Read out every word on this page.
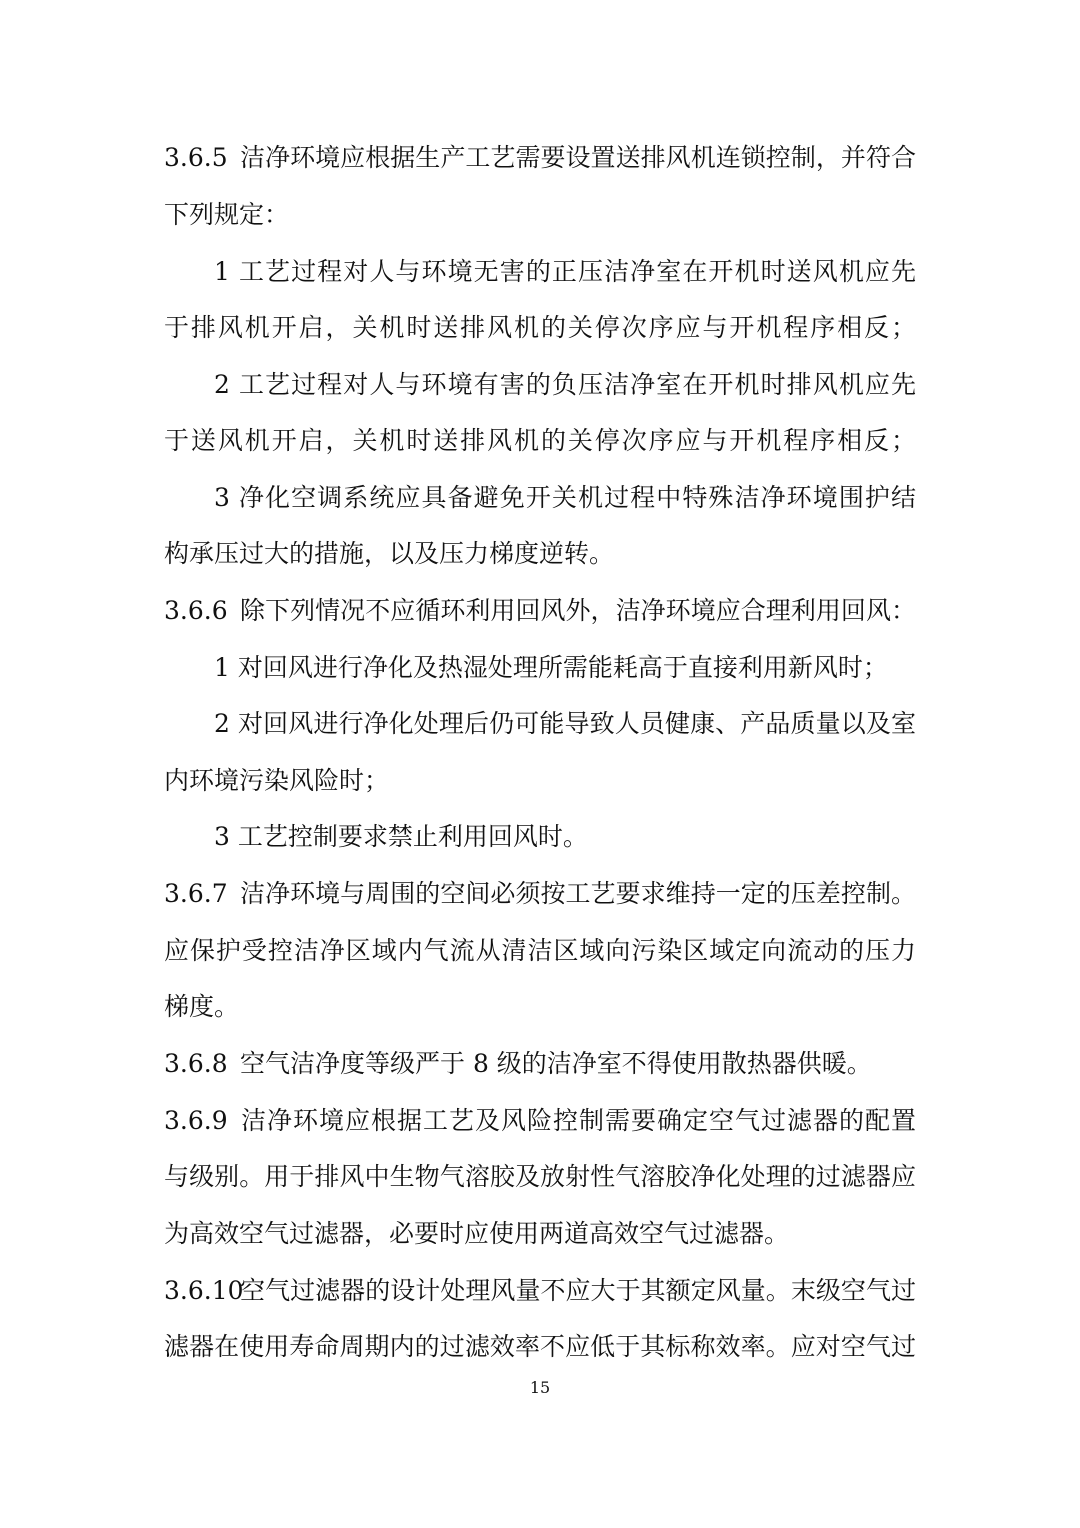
3.6.5 洁净环境应根据生产工艺需要设置送排风机连锁控制，并符合
下列规定：
1 工艺过程对人与环境无害的正压洁净室在开机时送风机应先
于排风机开启，关机时送排风机的关停次序应与开机程序相反；
2 工艺过程对人与环境有害的负压洁净室在开机时排风机应先
于送风机开启，关机时送排风机的关停次序应与开机程序相反；
3 净化空调系统应具备避免开关机过程中特殊洁净环境围护结
构承压过大的措施，以及压力梯度逆转。
3.6.6 除下列情况不应循环利用回风外，洁净环境应合理利用回风：
1 对回风进行净化及热湿处理所需能耗高于直接利用新风时；
2 对回风进行净化处理后仍可能导致人员健康、产品质量以及室
内环境污染风险时；
3 工艺控制要求禁止利用回风时。
3.6.7 洁净环境与周围的空间必须按工艺要求维持一定的压差控制。
应保护受控洁净区域内气流从清洁区域向污染区域定向流动的压力
梯度。
3.6.8 空气洁净度等级严于 8 级的洁净室不得使用散热器供暖。
3.6.9 洁净环境应根据工艺及风险控制需要确定空气过滤器的配置
与级别。用于排风中生物气溶胶及放射性气溶胶净化处理的过滤器应
为高效空气过滤器，必要时应使用两道高效空气过滤器。
3.6.10空气过滤器的设计处理风量不应大于其额定风量。末级空气过
滤器在使用寿命周期内的过滤效率不应低于其标称效率。应对空气过
15
